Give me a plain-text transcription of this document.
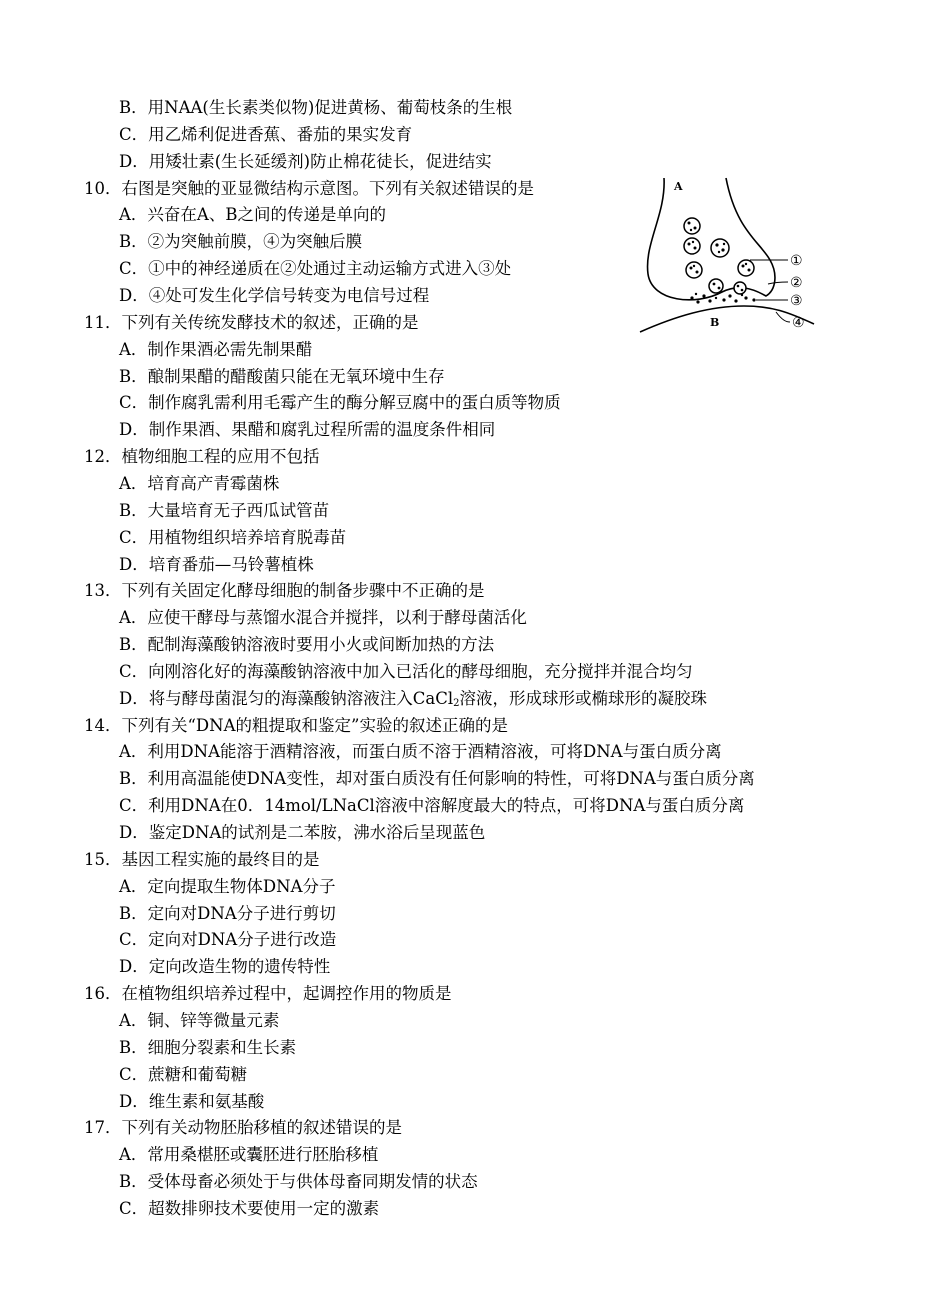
B．用NAA(生长素类似物)促进黄杨、葡萄枝条的生根
C．用乙烯利促进香蕉、番茄的果实发育
D．用矮壮素(生长延缓剂)防止棉花徒长，促进结实
10．右图是突触的亚显微结构示意图。下列有关叙述错误的是
A．兴奋在A、B之间的传递是单向的
B．②为突触前膜，④为突触后膜
C．①中的神经递质在②处通过主动运输方式进入③处
D．④处可发生化学信号转变为电信号过程
11．下列有关传统发酵技术的叙述，正确的是
A．制作果酒必需先制果醋
B．酿制果醋的醋酸菌只能在无氧环境中生存
C．制作腐乳需利用毛霉产生的酶分解豆腐中的蛋白质等物质
D．制作果酒、果醋和腐乳过程所需的温度条件相同
12．植物细胞工程的应用不包括
A．培育高产青霉菌株
B．大量培育无子西瓜试管苗
C．用植物组织培养培育脱毒苗
D．培育番茄—马铃薯植株
13．下列有关固定化酵母细胞的制备步骤中不正确的是
A．应使干酵母与蒸馏水混合并搅拌，以利于酵母菌活化
B．配制海藻酸钠溶液时要用小火或间断加热的方法
C．向刚溶化好的海藻酸钠溶液中加入已活化的酵母细胞，充分搅拌并混合均匀
D．将与酵母菌混匀的海藻酸钠溶液注入CaCl$_2$溶液，形成球形或椭球形的凝胶珠
14．下列有关“DNA的粗提取和鉴定”实验的叙述正确的是
A．利用DNA能溶于酒精溶液，而蛋白质不溶于酒精溶液，可将DNA与蛋白质分离
B．利用高温能使DNA变性，却对蛋白质没有任何影响的特性，可将DNA与蛋白质分离
C．利用DNA在0．14mol/LNaCl溶液中溶解度最大的特点，可将DNA与蛋白质分离
D．鉴定DNA的试剂是二苯胺，沸水浴后呈现蓝色
15．基因工程实施的最终目的是
A．定向提取生物体DNA分子
B．定向对DNA分子进行剪切
C．定向对DNA分子进行改造
D．定向改造生物的遗传特性
16．在植物组织培养过程中，起调控作用的物质是
A．铜、锌等微量元素
B．细胞分裂素和生长素
C．蔗糖和葡萄糖
D．维生素和氨基酸
17．下列有关动物胚胎移植的叙述错误的是
A．常用桑椹胚或囊胚进行胚胎移植
B．受体母畜必须处于与供体母畜同期发情的状态
C．超数排卵技术要使用一定的激素
A
B
①
②
③
④
